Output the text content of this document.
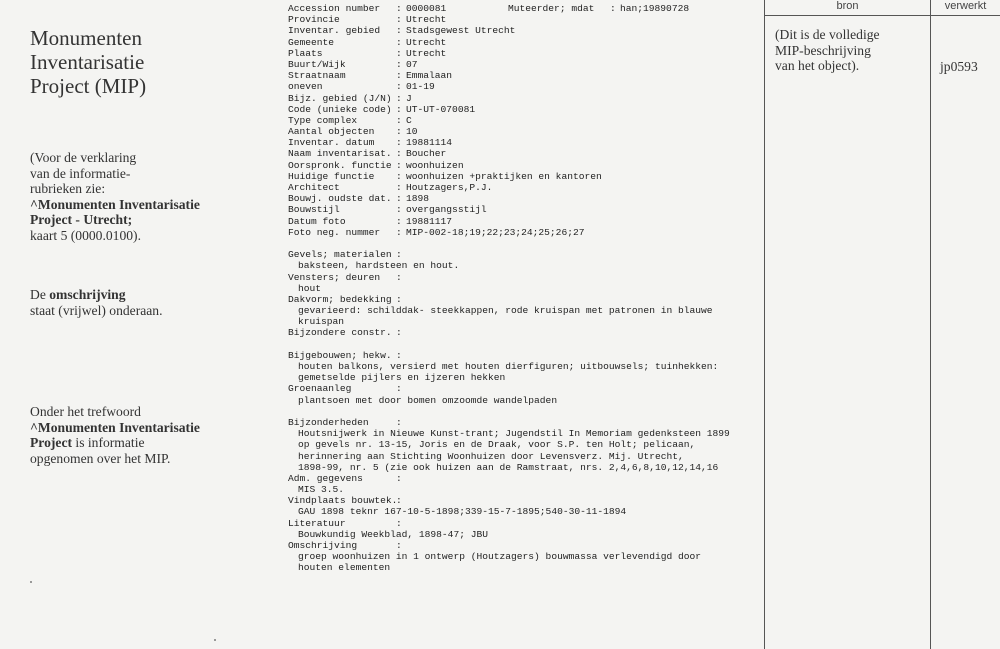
Monumenten
Inventarisatie
Project (MIP)
(Voor de verklaring
van de informatie-
rubrieken zie:
^Monumenten Inventarisatie
Project - Utrecht;
kaart 5 (0000.0100).
De omschrijving
staat (vrijwel) onderaan.
Onder het trefwoord
^Monumenten Inventarisatie
Project is informatie
opgenomen over het MIP.
Accession number : 0000081	Muteerder; mdat : han;19890728
Provincie	: Utrecht
Inventar. gebied : Stadsgewest Utrecht
Gemeente	: Utrecht
Plaats	: Utrecht
Buurt/Wijk	: 07
Straatnaam	: Emmalaan
oneven	: 01-19
Bijz. gebied (J/N) : J
Code (unieke code) : UT-UT-070081
Type complex	: C
Aantal objecten : 10
Inventar. datum : 19881114
Naam inventarisat. : Boucher
Oorspronk. functie : woonhuizen
Huidige functie : woonhuizen +praktijken en kantoren
Architect	: Houtzagers,P.J.
Bouwj. oudste dat. : 1898
Bouwstijl	: overgangsstijl
Datum foto	: 19881117
Foto neg. nummer : MIP-002-18;19;22;23;24;25;26;27
Gevels; materialen :
baksteen, hardsteen en hout.
Vensters; deuren :
hout
Dakvorm; bedekking :
gevarieerd: schilddak- steekkappen, rode kruispan met patronen in blauwe
kruispan
Bijzondere constr. :
Bijgebouwen; hekw. :
houten balkons, versierd met houten dierfiguren; uitbouwsels; tuinhekken:
gemetselde pijlers en ijzeren hekken
Groenaanleg	:
plantsoen met door bomen omzoomde wandelpaden
Bijzonderheden	:
Houtsnijwerk in Nieuwe Kunst-trant; Jugendstil In Memoriam gedenksteen 1899
op gevels nr. 13-15, Joris en de Draak, voor S.P. ten Holt; pelicaan,
herinnering aan Stichting Woonhuizen door Levensverz. Mij. Utrecht,
1898-99, nr. 5 (zie ook huizen aan de Ramstraat, nrs. 2,4,6,8,10,12,14,16
Adm. gegevens	:
MIS 3.5.
Vindplaats bouwtek.
:
GAU 1898 teknr 167-10-5-1898;339-15-7-1895;540-30-11-1894
Literatuur	:
Bouwkundig Weekblad, 1898-47; JBU
Omschrijving	:
groep woonhuizen in 1 ontwerp (Houtzagers) bouwmassa verlevendigd door
houten elementen
bron	verwerkt
(Dit is de volledige
MIP-beschrijving
van het object).	jp0593
